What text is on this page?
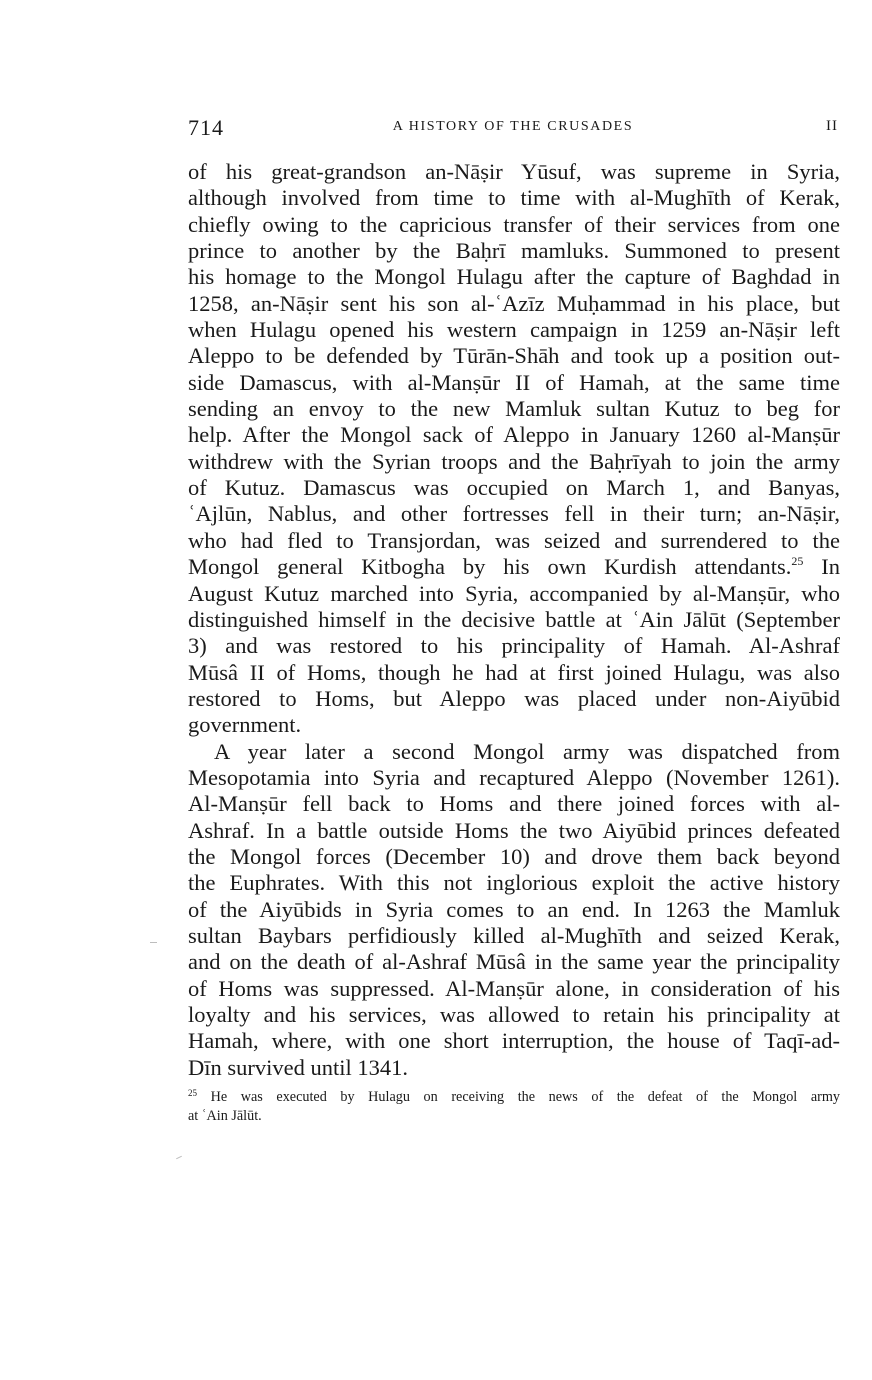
714	A HISTORY OF THE CRUSADES	II
of his great-grandson an-Nāṣir Yūsuf, was supreme in Syria,
although involved from time to time with al-Mughīth of Kerak,
chiefly owing to the capricious transfer of their services from one
prince to another by the Baḥrī mamluks. Summoned to present
his homage to the Mongol Hulagu after the capture of Baghdad in
1258, an-Nāṣir sent his son al-ʿAzīz Muḥammad in his place, but
when Hulagu opened his western campaign in 1259 an-Nāṣir left
Aleppo to be defended by Tūrān-Shāh and took up a position out-
side Damascus, with al-Manṣūr II of Hamah, at the same time
sending an envoy to the new Mamluk sultan Kutuz to beg for
help. After the Mongol sack of Aleppo in January 1260 al-Manṣūr
withdrew with the Syrian troops and the Baḥrīyah to join the army
of Kutuz. Damascus was occupied on March 1, and Banyas,
ʿAjlūn, Nablus, and other fortresses fell in their turn; an-Nāṣir,
who had fled to Transjordan, was seized and surrendered to the
Mongol general Kitbogha by his own Kurdish attendants.$^{25}$ In
August Kutuz marched into Syria, accompanied by al-Manṣūr, who
distinguished himself in the decisive battle at ʿAin Jālūt (September
3) and was restored to his principality of Hamah. Al-Ashraf
Mūsâ II of Homs, though he had at first joined Hulagu, was also
restored to Homs, but Aleppo was placed under non-Aiyūbid
government.
A year later a second Mongol army was dispatched from
Mesopotamia into Syria and recaptured Aleppo (November 1261).
Al-Manṣūr fell back to Homs and there joined forces with al-
Ashraf. In a battle outside Homs the two Aiyūbid princes defeated
the Mongol forces (December 10) and drove them back beyond
the Euphrates. With this not inglorious exploit the active history
of the Aiyūbids in Syria comes to an end. In 1263 the Mamluk
sultan Baybars perfidiously killed al-Mughīth and seized Kerak,
and on the death of al-Ashraf Mūsâ in the same year the principality
of Homs was suppressed. Al-Manṣūr alone, in consideration of his
loyalty and his services, was allowed to retain his principality at
Hamah, where, with one short interruption, the house of Taqī-ad-
Dīn survived until 1341.
$^{25}$ He was executed by Hulagu on receiving the news of the defeat of the Mongol army
at ʿAin Jālūt.
